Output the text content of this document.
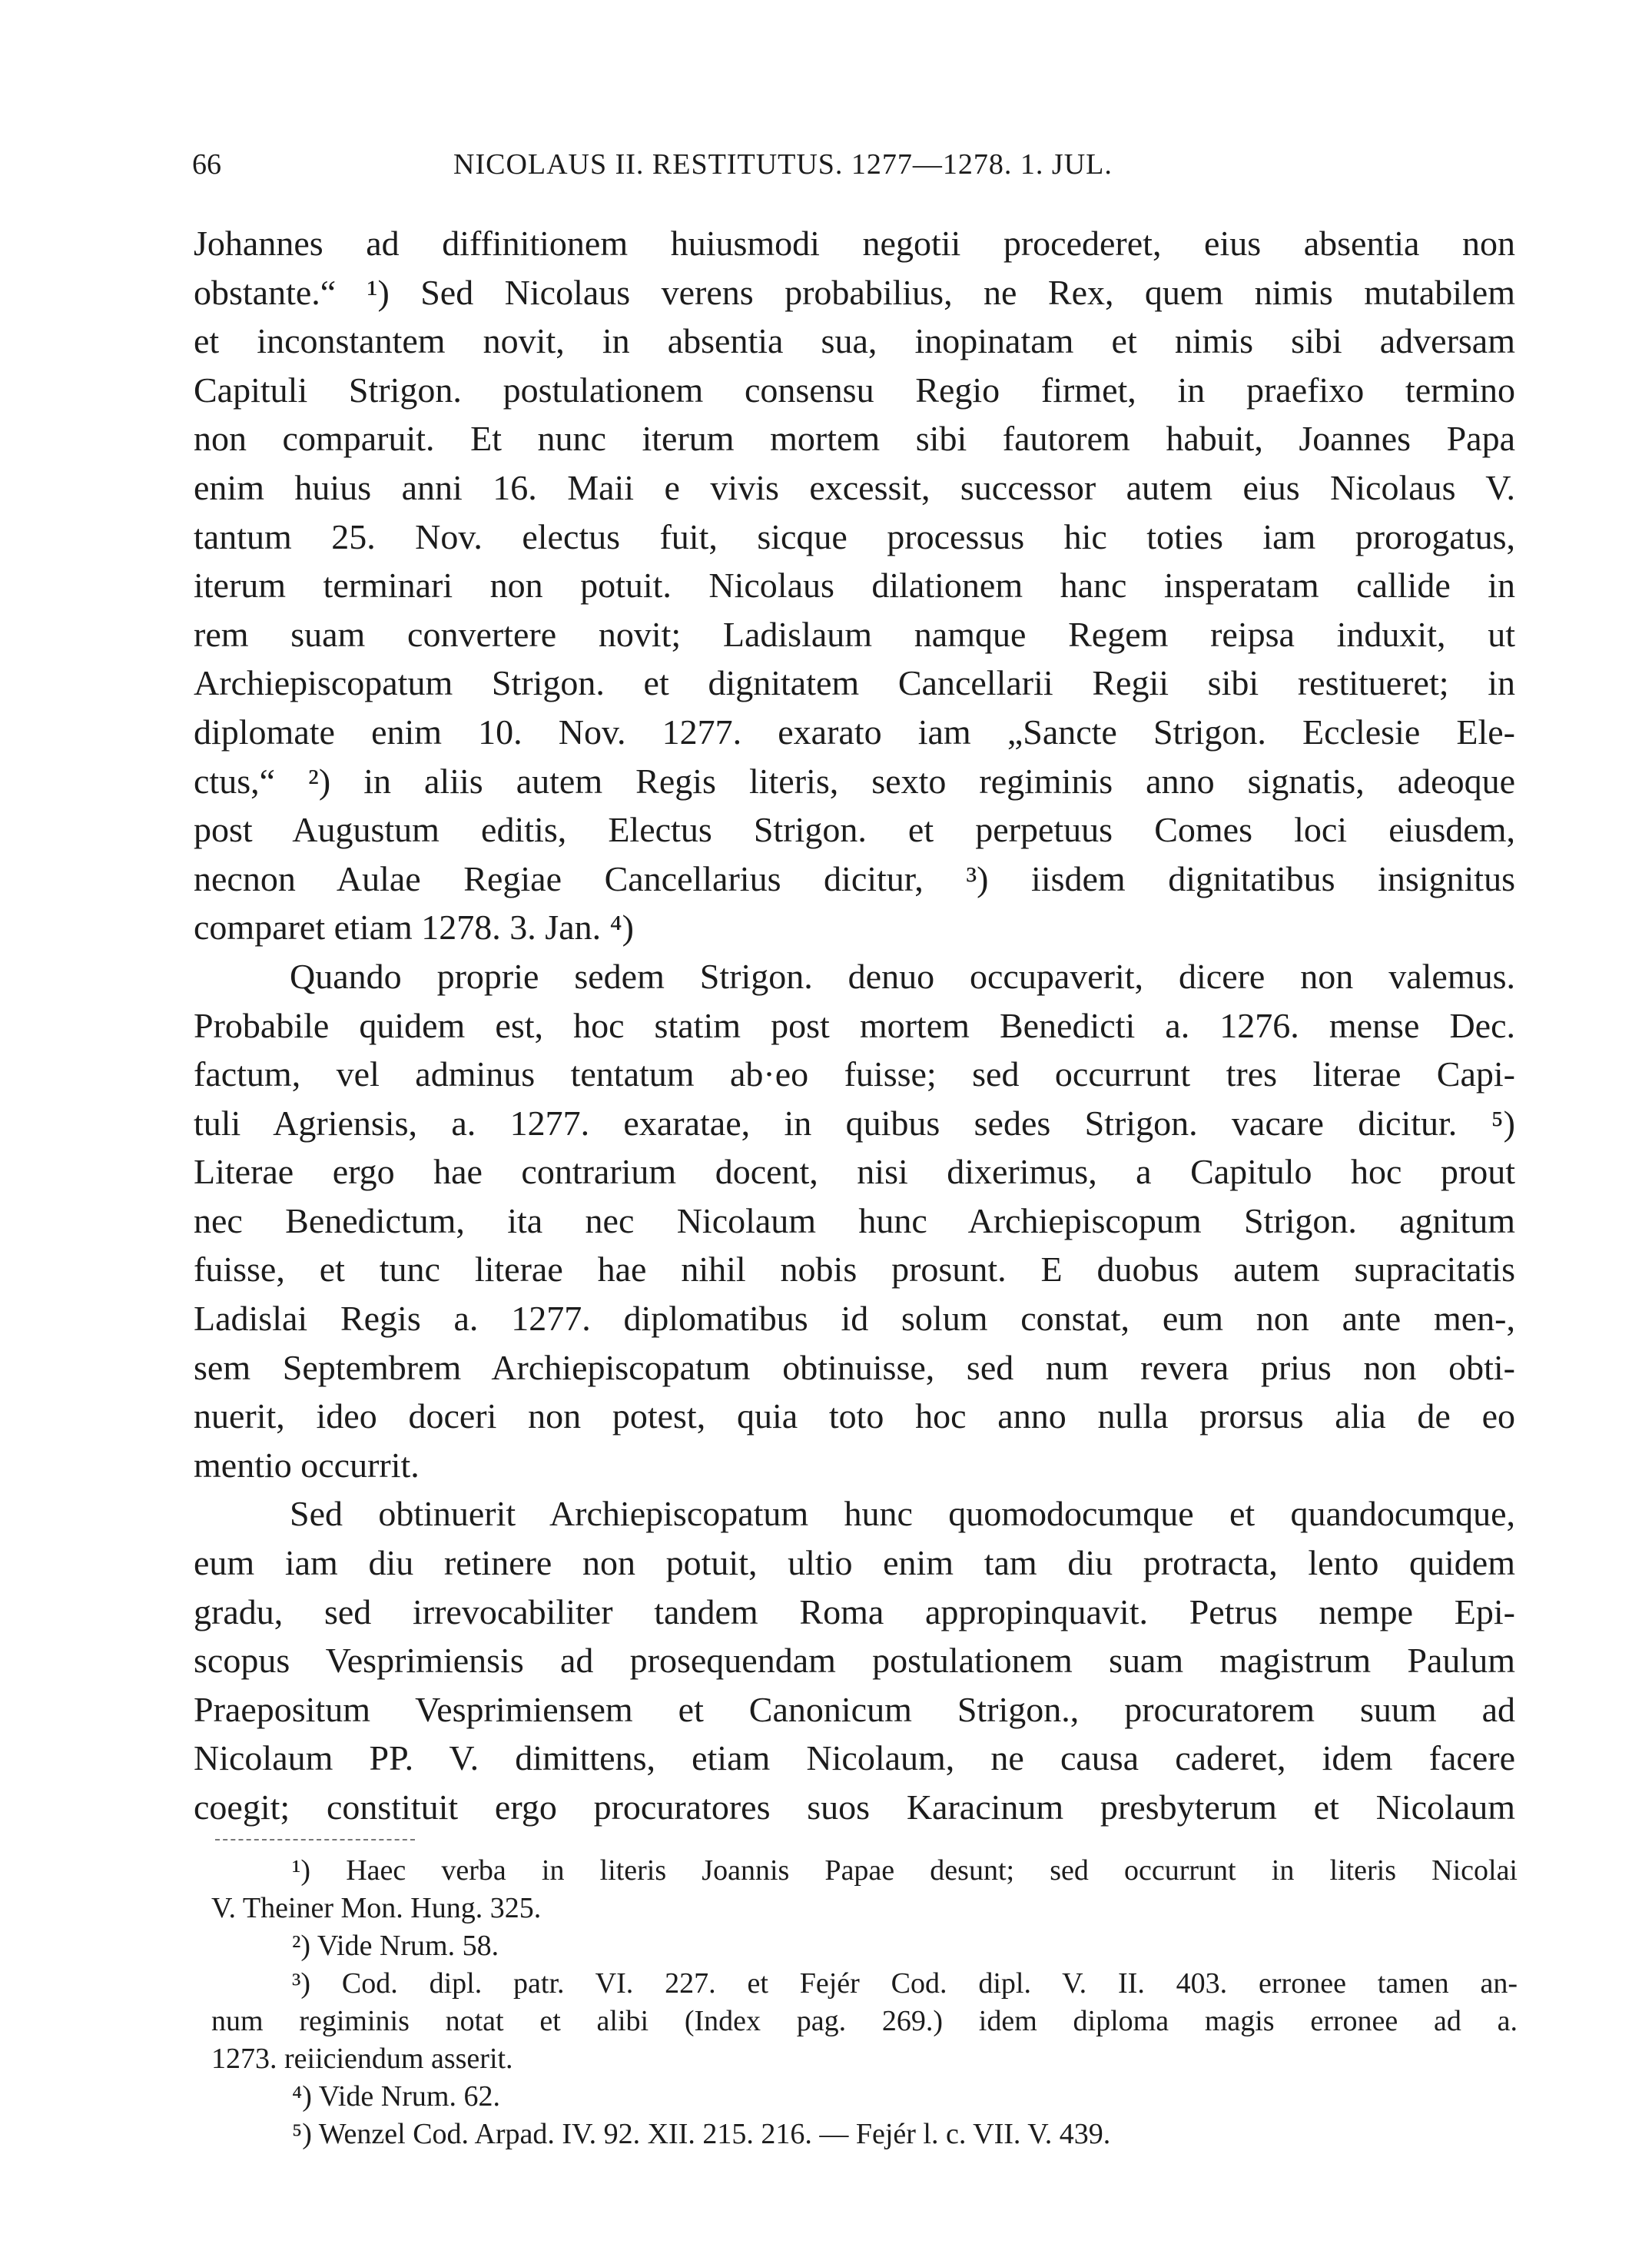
66	NICOLAUS II. RESTITUTUS. 1277—1278. 1. JUL.
Johannes ad diffinitionem huiusmodi negotii procederet, eius absentia non
obstante.“ ¹) Sed Nicolaus verens probabilius, ne Rex, quem nimis mutabilem
et inconstantem novit, in absentia sua, inopinatam et nimis sibi adversam
Capituli Strigon. postulationem consensu Regio firmet, in praefixo termino
non comparuit. Et nunc iterum mortem sibi fautorem habuit, Joannes Papa
enim huius anni 16. Maii e vivis excessit, successor autem eius Nicolaus V.
tantum 25. Nov. electus fuit, sicque processus hic toties iam prorogatus,
iterum terminari non potuit. Nicolaus dilationem hanc insperatam callide in
rem suam convertere novit; Ladislaum namque Regem reipsa induxit, ut
Archiepiscopatum Strigon. et dignitatem Cancellarii Regii sibi restitueret; in
diplomate enim 10. Nov. 1277. exarato iam „Sancte Strigon. Ecclesie Ele-
ctus,“ ²) in aliis autem Regis literis, sexto regiminis anno signatis, adeoque
post Augustum editis, Electus Strigon. et perpetuus Comes loci eiusdem,
necnon Aulae Regiae Cancellarius dicitur, ³) iisdem dignitatibus insignitus
comparet etiam 1278. 3. Jan. ⁴)
Quando proprie sedem Strigon. denuo occupaverit, dicere non valemus.
Probabile quidem est, hoc statim post mortem Benedicti a. 1276. mense Dec.
factum, vel adminus tentatum ab·eo fuisse; sed occurrunt tres literae Capi-
tuli Agriensis, a. 1277. exaratae, in quibus sedes Strigon. vacare dicitur. ⁵)
Literae ergo hae contrarium docent, nisi dixerimus, a Capitulo hoc prout
nec Benedictum, ita nec Nicolaum hunc Archiepiscopum Strigon. agnitum
fuisse, et tunc literae hae nihil nobis prosunt. E duobus autem supracitatis
Ladislai Regis a. 1277. diplomatibus id solum constat, eum non ante men-,
sem Septembrem Archiepiscopatum obtinuisse, sed num revera prius non obti-
nuerit, ideo doceri non potest, quia toto hoc anno nulla prorsus alia de eo
mentio occurrit.
Sed obtinuerit Archiepiscopatum hunc quomodocumque et quandocumque,
eum iam diu retinere non potuit, ultio enim tam diu protracta, lento quidem
gradu, sed irrevocabiliter tandem Roma appropinquavit. Petrus nempe Epi-
scopus Vesprimiensis ad prosequendam postulationem suam magistrum Paulum
Praepositum Vesprimiensem et Canonicum Strigon., procuratorem suum ad
Nicolaum PP. V. dimittens, etiam Nicolaum, ne causa caderet, idem facere
coegit; constituit ergo procuratores suos Karacinum presbyterum et Nicolaum
¹) Haec verba in literis Joannis Papae desunt; sed occurrunt in literis Nicolai
V. Theiner Mon. Hung. 325.
²) Vide Nrum. 58.
³) Cod. dipl. patr. VI. 227. et Fejér Cod. dipl. V. II. 403. erronee tamen an-
num regiminis notat et alibi (Index pag. 269.) idem diploma magis erronee ad a.
1273. reiiciendum asserit.
⁴) Vide Nrum. 62.
⁵) Wenzel Cod. Arpad. IV. 92. XII. 215. 216. — Fejér l. c. VII. V. 439.
